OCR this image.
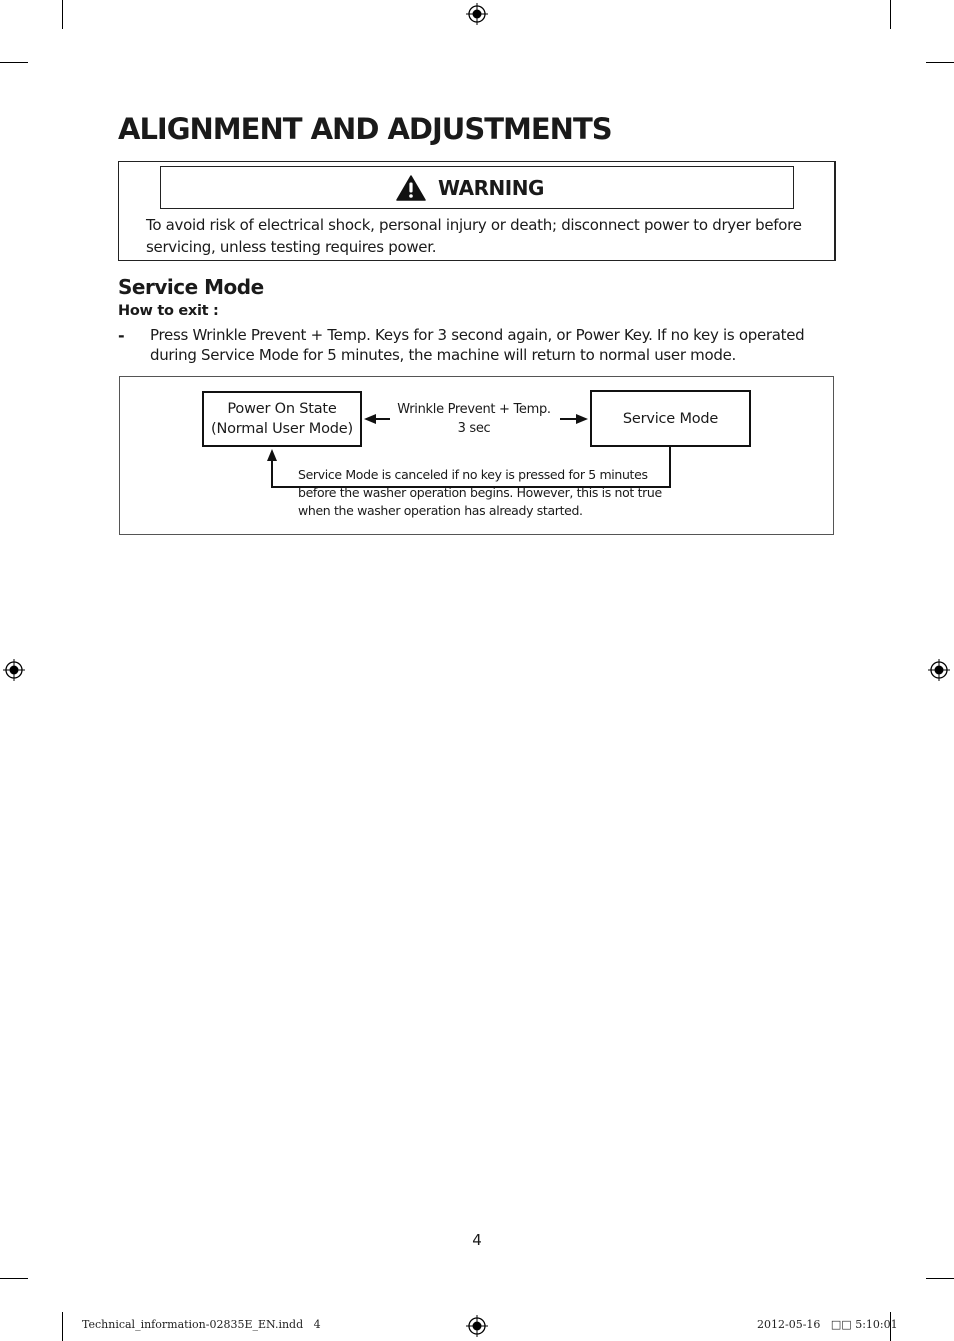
ALIGNMENT AND ADJUSTMENTS
WARNING
To avoid risk of electrical shock, personal injury or death; disconnect power to dryer before servicing, unless testing requires power.
Service Mode
How to exit :
- Press Wrinkle Prevent + Temp. Keys for 3 second again, or Power Key. If no key is operated during Service Mode for 5 minutes, the machine will return to normal user mode.
Power On State
(Normal User Mode)
Service Mode
Wrinkle Prevent + Temp.
3 sec
Service Mode is canceled if no key is pressed for 5 minutes
before the washer operation begins. However, this is not true
when the washer operation has already started.
4
Technical_information-02835E_EN.indd   4	2012-05-16   □□ 5:10:01
